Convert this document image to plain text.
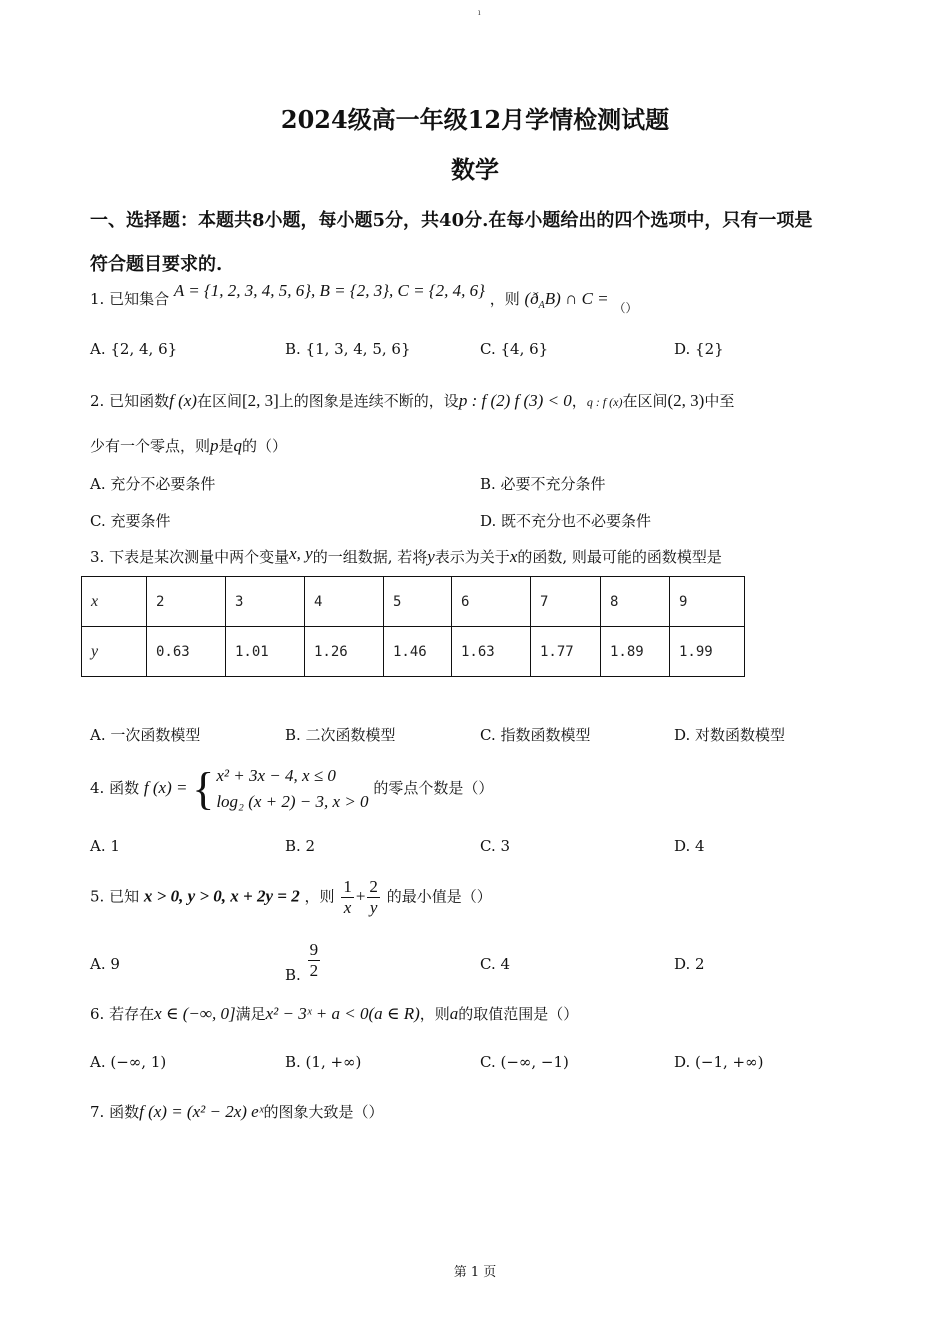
ı
2024级高一年级12月学情检测试题
数学
一、选择题：本题共8小题，每小题5分，共40分.在每小题给出的四个选项中，只有一项是
符合题目要求的.
1. 已知集合 A = {1, 2, 3, 4, 5, 6}, B = {2, 3}, C = {2, 4, 6} ，则 $(ð_AB)$ ∩ C = $_{()}$
A. {2, 4, 6}	B. {1, 3, 4, 5, 6}	C. {4, 6}	D. {2}
2. 已知函数f (x)在区间[2, 3]上的图象是连续不断的，设p : f (2) f (3) < 0，q : f (x)在区间(2, 3)中至
少有一个零点，则p是q的（）
A. 充分不必要条件	B. 必要不充分条件
C. 充要条件	D. 既不充分也不必要条件
3. 下表是某次测量中两个变量x, y的一组数据, 若将y表示为关于x的函数, 则最可能的函数模型是
x	2	3	4	5	6	7	8	9
y	0.63	1.01	1.26	1.46	1.63	1.77	1.89	1.99
A. 一次函数模型	B. 二次函数模型	C. 指数函数模型	D. 对数函数模型
4. 函数 f (x) = { x² + 3x − 4, x ≤ 0
log₂ (x + 2) − 3, x > 0
的零点个数是（）
A. 1	B. 2	C. 3	D. 4
5. 已知 x > 0, y > 0, x + 2y = 2 ，则 $\frac{1}{x} + \frac{2}{y}$ 的最小值是（）
A. 9
B. $\frac{9}{2}$	C. 4	D. 2
6. 若存在x ∈ (−∞, 0]满足x² − 3ˣ + a < 0(a ∈ R)，则a的取值范围是（）
A. (−∞, 1)	B. (1, +∞)	C. (−∞, −1)	D. (−1, +∞)
7. 函数f (x) = (x² − 2x) eˣ的图象大致是（）
第 1 页
